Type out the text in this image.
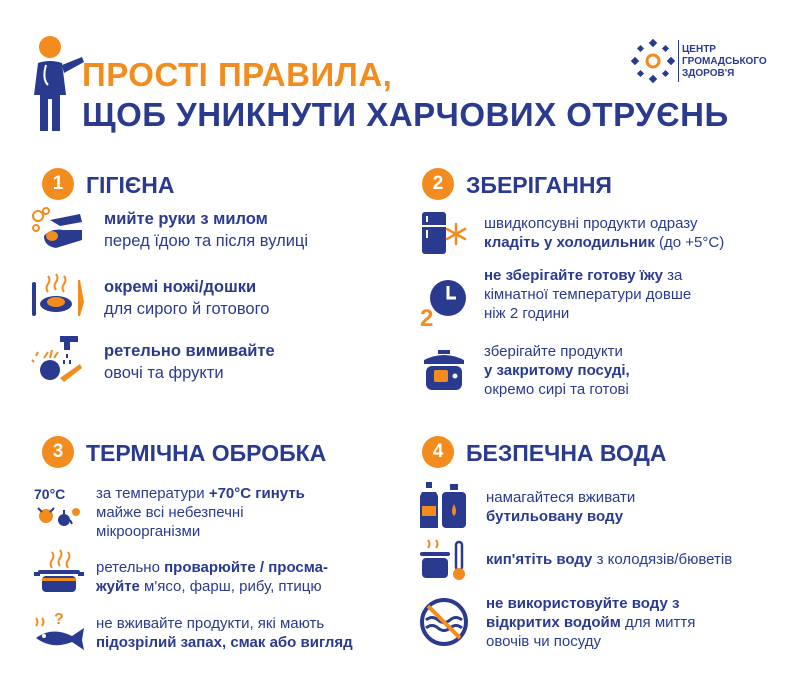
ПРОСТІ ПРАВИЛА,
ЩОБ УНИКНУТИ ХАРЧОВИХ ОТРУЄНЬ
ЦЕНТР
ГРОМАДСЬКОГО
ЗДОРОВ'Я
1 ГІГІЄНА
мийте руки з милом
перед їдою та після вулиці
окремі ножі/дошки
для сирого й готового
ретельно вимивайте
овочі та фрукти
2 ЗБЕРІГАННЯ
швидкопсувні продукти одразу
кладіть у холодильник (до +5°С)
2
не зберігайте готову їжу за
кімнатної температури довше
ніж 2 години
зберігайте продукти
у закритому посуді,
окремо сирі та готові
3 ТЕРМІЧНА ОБРОБКА
70°С за температури +70°С гинуть
майже всі небезпечні
мікроорганізми
ретельно проварюйте / просма-
жуйте м'ясо, фарш, рибу, птицю
? не вживайте продукти, які мають
підозрілий запах, смак або вигляд
4 БЕЗПЕЧНА ВОДА
намагайтеся вживати
бутильовану воду
кип'ятіть воду з колодязів/бюветів
не використовуйте воду з
відкритих водойм для миття
овочів чи посуду
